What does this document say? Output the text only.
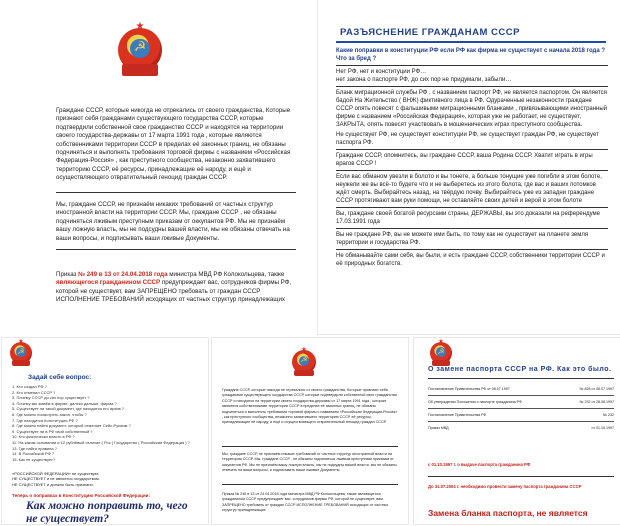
★
☭

Граждане СССР, которые никогда не отрекались от своего гражданства, Которые признают себя гражданами существующего государства СССР, которые подтвердили собственной свое гражданство СССР и находятся на территории своего государства-державы от 17 марта 1991 года , которые являются собственниками территории СССР в пределах её законных границ, не обязаны подчиняться и выполнять требования торговой фирмы с названием «Российская Федерация-Россия» , как преступного сообщества, незаконно захватившего территорию СССР, её ресурсы, принадлежащие её народу, и ещё и осуществляющего отвратительный геноцид граждан СССР.

Мы, граждане СССР, не признаём никаких требований от частных структур иностранной власти на территории СССР. Мы, граждане СССР , не обязаны подчиняться лживым преступным приказам от оккупантов РФ. Мы не признаём вашу ложную власть, мы не подсудны вашей власти, мы не обязаны отвечать на ваши вопросы, и подписывать ваши лживые Документы.

Приказ № 249 в 13 от 24.04.2018 года министра МВД РФ Колокольцева, также являющегося гражданином СССР предупреждает вас, сотрудников фирмы РФ, которой не существует, вам ЗАПРЕЩЕНО требовать от граждан СССР ИСПОЛНЕНИЕ ТРЕБОВАНИЙ исходящих от частных структур принадлежащих

РАЗЪЯСНЕНИЕ ГРАЖДАНАМ СССР

Какие поправки в конституции РФ если РФ как фирма не существует с начала 2018 года ? Что за бред ?

Нет РФ, нет и конституции РФ…

нет закона о паспорте РФ, до сих пор не придумали, забыли…

Бланк миграционной службы РФ , с названием паспорт РФ, не является паспортом. Он является бадой На Жительство ( ВНЖ) фиктивного лица в РФ. Одураченные незаконности граждане СССР опять повесят с фальшивыми миграционными бланками , привязывающими иностранный фирме с названием «Российская Федерация», которая уже не работает, не существует,

ЗАКРЫТА, опять повесят участвовать в мошеннических играх преступного сообщества.

Не существует РФ, не существует конституции РФ, не существует граждан РФ, не существует паспорта РФ.

Граждане СССР, опомнитесь, вы граждане СССР, ваша Родина СССР. Хватит играть в игры врагов СССР !

Если вас обманом увезли в болото и вы тонете, а больше тонущие уже погибли в этом болоте, неужели же вы всё-то будете что и не выберетесь из этого болота, где вас и ваших потомков ждёт смерть. Выбирайтесь назад, на твёрдую почву. Выбирайтесь уже из западни граждане СССР протягивают вам руки помощи, не оставляйте своих детей и верой в этом болоте

Вы, граждане своей богатой ресурсами страны, ДЕРЖАВЫ, вы это доказали на референдуме 17.03.1991 года

Вы не граждане РФ, вы не можете ими быть, по тому как не существует на планете земля территории и государства РФ.

Не обманывайте сами себя, вы были, и есть граждане СССР, собственники территории СССР и её природных богатств.

★
☭
Задай себе вопрос:
1. Кто создал РФ ?
2. Кто отменил СССР ?
3. Почему СССР до сих пор существует ?
4. Почему мы живём в фирме, далеко дальше, фирма ?
5. Существует ли такой документ, где находится его архив ?
6. Где можно посмотреть закон, чтобы ?
7. Где находится Конституция РФ ?
8. Где можно найти документ, который отменяет Сейс-Русаим ?
9. Существует ли в РФ свой собственный ?
10. Кто фактически власть в РФ ?
11. На каком основании и 12 рублёвый отличие ( Рос ) Государство ( Российская Федерация ) ?
13. Где найти правила ?
14. В Российской РФ ?
15. Как не существует?
«РОССИЙСКОЙ ФЕДЕРАЦИИ» не существует.
НЕ СУЩЕСТВУЕТ и не является государством.
НЕ СУЩЕСТВУЕТ и должно быть признано.
Теперь о поправках в Конституцию Российской Федерации:
Как можно поправить то, чего не существует?
★
☭
Граждане СССР, которые никогда не отрекались от своего гражданства, Которые признают себя гражданами существующего государства СССР, которые подтвердили собственной свое гражданство СССР и находятся на территории своего государства-державы от 17 марта 1991 года , которые являются собственниками территории СССР в пределах её законных границ, не обязаны подчиняться и выполнять требования торговой фирмы с названием «Российская Федерация-Россия» , как преступного сообщества, незаконно захватившего территорию СССР, её ресурсы, принадлежащие её народу, и ещё и осуществляющего отвратительный геноцид граждан СССР.
Мы, граждане СССР, не признаём никаких требований от частных структур иностранной власти на территории СССР. Мы, граждане СССР , не обязаны подчиняться лживым преступным приказам от оккупантов РФ. Мы не признаём вашу ложную власть, мы не подсудны вашей власти, мы не обязаны отвечать на ваши вопросы, и подписывать ваши лживые Документы.
Приказ № 249 в 13 от 24.04.2018 года министра МВД РФ Колокольцева, также являющегося гражданином СССР предупреждает вас, сотрудников фирмы РФ, которой не существует, вам ЗАПРЕЩЕНО требовать от граждан СССР ИСПОЛНЕНИЕ ТРЕБОВАНИЙ исходящих от частных структур принадлежащих
★
☭
О замене паспорта СССР на РФ. Как это было.
Постановление Правительства РФ от 08.07.1997	№ 828 от 08.07.1997
Об утверждении Положения о паспорте гражданина РФ	№ 232 от 28.08.1997
Постановление Правительства РФ	№ 232
Приказ МВД	от 01.10.1997
с 01.10.1997 г. о выдаче паспорта гражданина РФ
До 31.07.2004 г. необходимо провести замену паспорта гражданина СССР
Замена бланка паспорта, не является
